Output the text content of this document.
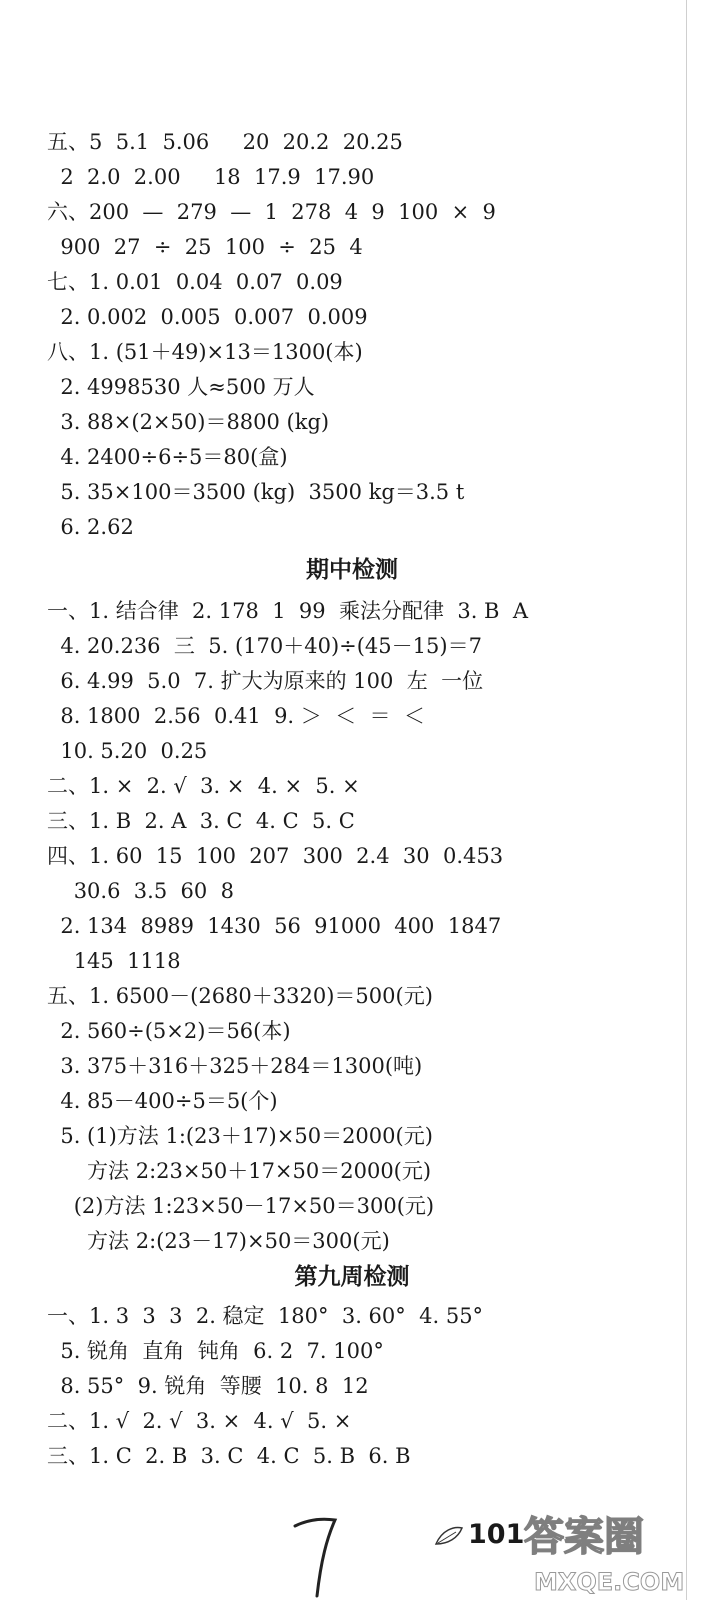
五、5  5.1  5.06     20  20.2  20.25
2  2.0  2.00     18  17.9  17.90
六、200  —  279  —  1  278  4  9  100  ×  9
900  27  ÷  25  100  ÷  25  4
七、1. 0.01  0.04  0.07  0.09
2. 0.002  0.005  0.007  0.009
八、1. (51＋49)×13＝1300(本)
2. 4998530 人≈500 万人
3. 88×(2×50)＝8800 (kg)
4. 2400÷6÷5＝80(盒)
5. 35×100＝3500 (kg)  3500 kg＝3.5 t
6. 2.62
期中检测
一、1. 结合律  2. 178  1  99  乘法分配律  3. B  A
4. 20.236  三  5. (170＋40)÷(45－15)＝7
6. 4.99  5.0  7. 扩大为原来的 100  左  一位
8. 1800  2.56  0.41  9. ＞  ＜  ＝  ＜
10. 5.20  0.25
二、1. ×  2. √  3. ×  4. ×  5. ×
三、1. B  2. A  3. C  4. C  5. C
四、1. 60  15  100  207  300  2.4  30  0.453
30.6  3.5  60  8
2. 134  8989  1430  56  91000  400  1847
145  1118
五、1. 6500－(2680＋3320)＝500(元)
2. 560÷(5×2)＝56(本)
3. 375＋316＋325＋284＝1300(吨)
4. 85－400÷5＝5(个)
5. (1)方法 1:(23＋17)×50＝2000(元)
方法 2:23×50＋17×50＝2000(元)
(2)方法 1:23×50－17×50＝300(元)
方法 2:(23－17)×50＝300(元)
第九周检测
一、1. 3  3  3  2. 稳定  180°  3. 60°  4. 55°
5. 锐角  直角  钝角  6. 2  7. 100°
8. 55°  9. 锐角  等腰  10. 8  12
二、1. √  2. √  3. ×  4. √  5. ×
三、1. C  2. B  3. C  4. C  5. B  6. B
101 答案圈
MXQE.COM
